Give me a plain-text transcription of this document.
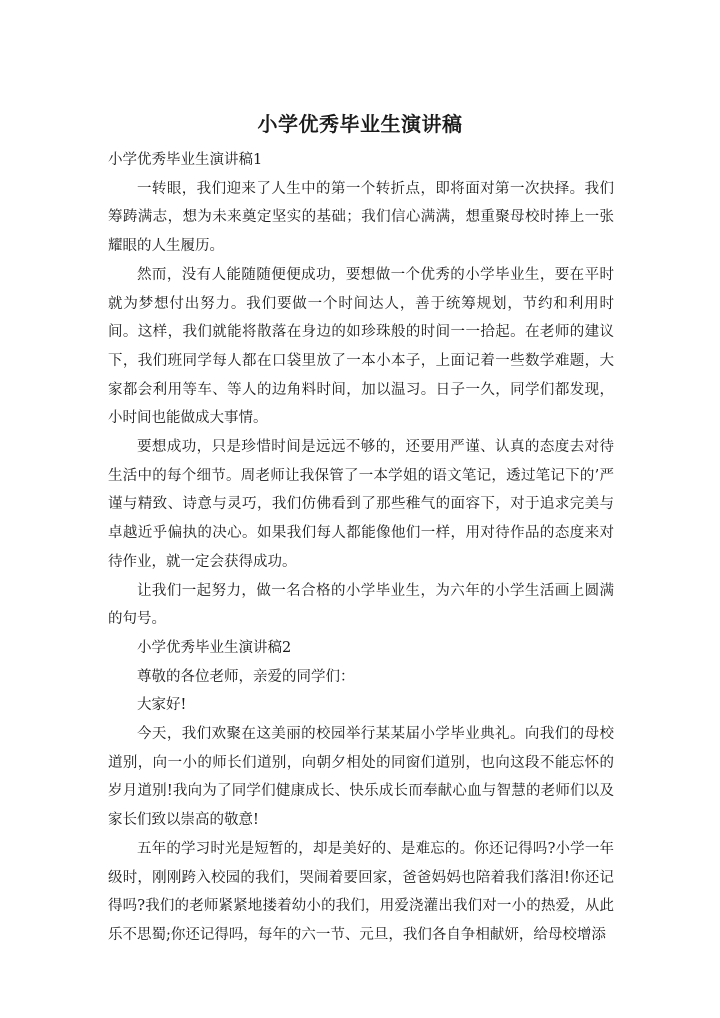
小学优秀毕业生演讲稿

小学优秀毕业生演讲稿1

一转眼，我们迎来了人生中的第一个转折点，即将面对第一次抉择。我们筹踌满志，想为未来奠定坚实的基础；我们信心满满，想重聚母校时捧上一张耀眼的人生履历。

然而，没有人能随随便便成功，要想做一个优秀的小学毕业生，要在平时就为梦想付出努力。我们要做一个时间达人，善于统筹规划，节约和利用时间。这样，我们就能将散落在身边的如珍珠般的时间一一拾起。在老师的建议下，我们班同学每人都在口袋里放了一本小本子，上面记着一些数学难题，大家都会利用等车、等人的边角料时间，加以温习。日子一久，同学们都发现，小时间也能做成大事情。

要想成功，只是珍惜时间是远远不够的，还要用严谨、认真的态度去对待生活中的每个细节。周老师让我保管了一本学姐的语文笔记，透过笔记下的’严谨与精致、诗意与灵巧，我们仿佛看到了那些稚气的面容下，对于追求完美与卓越近乎偏执的决心。如果我们每人都能像他们一样，用对待作品的态度来对待作业，就一定会获得成功。

让我们一起努力，做一名合格的小学毕业生，为六年的小学生活画上圆满的句号。

小学优秀毕业生演讲稿2

尊敬的各位老师，亲爱的同学们：

大家好!

今天，我们欢聚在这美丽的校园举行某某届小学毕业典礼。向我们的母校道别，向一小的师长们道别，向朝夕相处的同窗们道别，也向这段不能忘怀的岁月道别!我向为了同学们健康成长、快乐成长而奉献心血与智慧的老师们以及家长们致以崇高的敬意!

五年的学习时光是短暂的，却是美好的、是难忘的。你还记得吗?小学一年级时，刚刚跨入校园的我们，哭闹着要回家，爸爸妈妈也陪着我们落泪!你还记得吗?我们的老师紧紧地搂着幼小的我们，用爱浇灌出我们对一小的热爱，从此乐不思蜀;你还记得吗，每年的六一节、元旦，我们各自争相献妍，给母校增添
